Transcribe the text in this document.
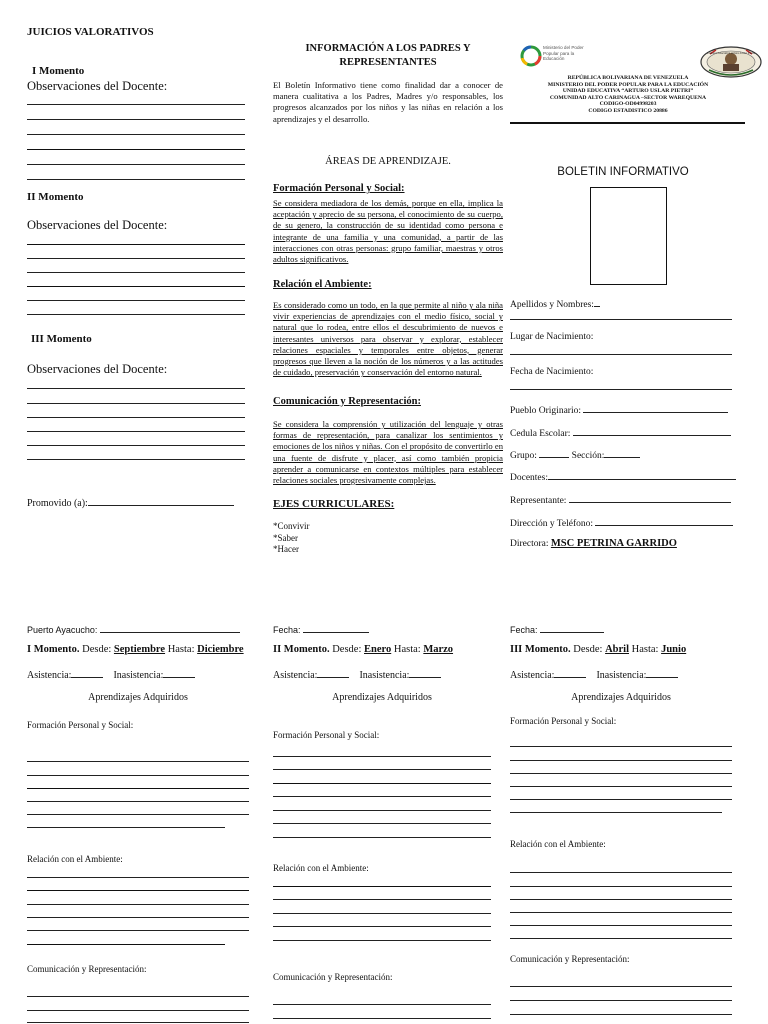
JUICIOS VALORATIVOS
I Momento
Observaciones del Docente:
II Momento
Observaciones del Docente:
III Momento
Observaciones del Docente:
Promovido (a):
INFORMACIÓN A LOS PADRES Y
REPRESENTANTES
El Boletín Informativo tiene como finalidad dar a conocer de manera cualitativa a los Padres, Madres y/o responsables, los progresos alcanzados por los niños y las niñas en relación a los aprendizajes y el desarrollo.
ÁREAS DE APRENDIZAJE.
Formación Personal y Social:
Se considera mediadora de los demás, porque en ella, implica la aceptación y aprecio de su persona, el conocimiento de su cuerpo, de su genero, la construcción de su identidad como persona e integrante de una familia y una comunidad, a partir de las interacciones con otras personas: grupo familiar, maestras y otros adultos significativos.
Relación el Ambiente:
Es considerado como un todo, en la que permite al niño y ala niña vivir experiencias de aprendizajes con el medio físico, social y natural que lo rodea, entre ellos el descubrimiento de nuevos e interesantes universos para observar y explorar, establecer relaciones espaciales y temporales entre objetos, generar progresos que lleven a la noción de los números y a las actitudes de cuidado, preservación y conservación del entorno natural.
Comunicación y Representación:
Se considera la comprensión y utilización del lenguaje y otras formas de representación, para canalizar los sentimientos y emociones de los niños y niñas. Con el propósito de convertirlo en una fuente de disfrute y placer, así como también propicia aprender a comunicarse en contextos múltiples para establecer relaciones sociales progresivamente complejas.
EJES CURRICULARES:
*Convivir
*Saber
*Hacer
Ministerio del Poder Popular para la Educación
Unidad Educativa Arturo Uslar Pietri
REPÚBLICA BOLIVARIANA DE VENEZUELA
MINISTERIO DEL PODER POPULAR PARA LA EDUCACIÓN
UNIDAD EDUCATIVA “ARTURO USLAR PIETRI”
COMUNIDAD ALTO CARINAGUA –SECTOR WAREQUENA
CODIGO-OD04998203
CODIGO ESTADISTICO 20886
BOLETIN INFORMATIVO
Apellidos y Nombres:
Lugar de Nacimiento:
Fecha de Nacimiento:
Pueblo Originario:
Cedula Escolar:
Grupo:	Sección:
Docentes:
Representante:
Dirección y Teléfono:
Directora: MSC PETRINA GARRIDO
Puerto Ayacucho:
I Momento. Desde: Septiembre Hasta: Diciembre
Asistencia:	Inasistencia:
Aprendizajes Adquiridos
Formación Personal y Social:
Relación con el Ambiente:
Comunicación y Representación:
Fecha:
II Momento. Desde: Enero Hasta: Marzo
Asistencia:	Inasistencia:
Aprendizajes Adquiridos
Formación Personal y Social:
Relación con el Ambiente:
Comunicación y Representación:
Fecha:
III Momento. Desde: Abril Hasta: Junio
Asistencia:	Inasistencia:
Aprendizajes Adquiridos
Formación Personal y Social:
Relación con el Ambiente:
Comunicación y Representación:
